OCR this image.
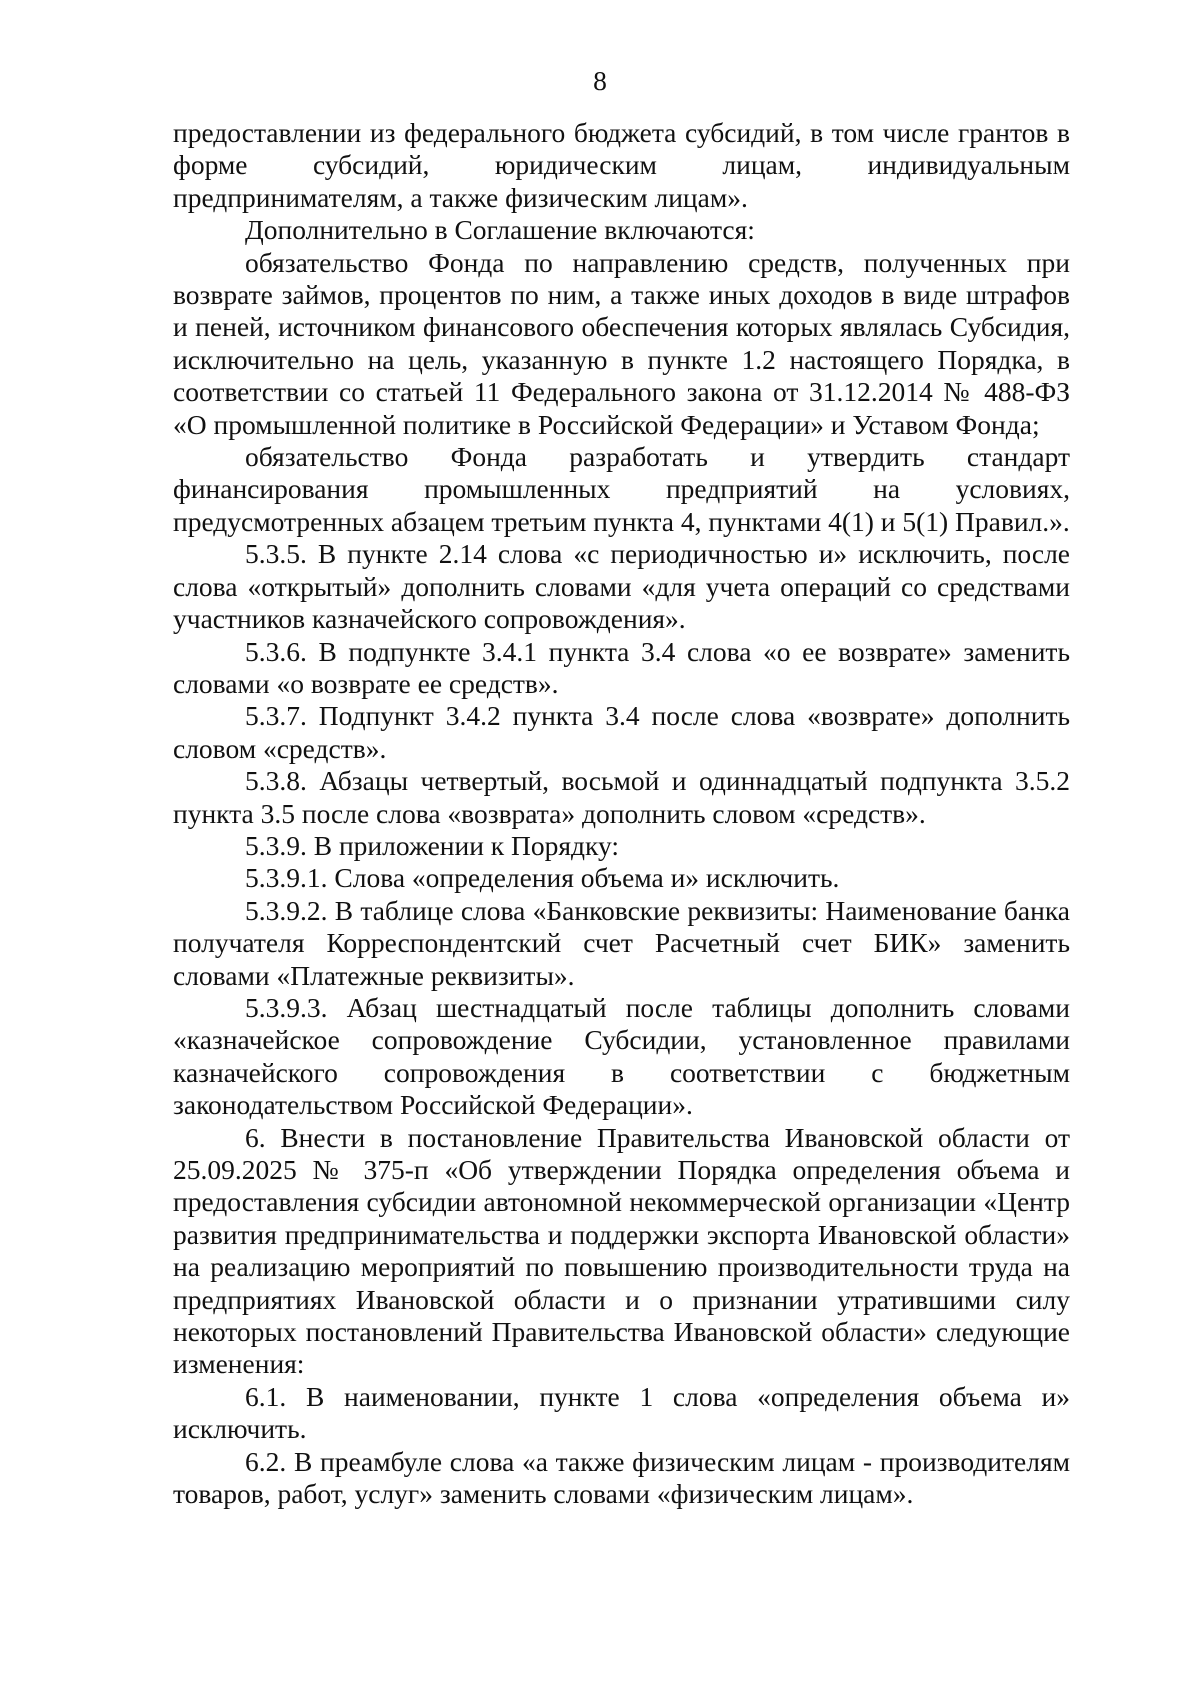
8

предоставлении из федерального бюджета субсидий, в том числе грантов в форме субсидий, юридическим лицам, индивидуальным предпринимателям, а также физическим лицам».

Дополнительно в Соглашение включаются:

обязательство Фонда по направлению средств, полученных при возврате займов, процентов по ним, а также иных доходов в виде штрафов и пеней, источником финансового обеспечения которых являлась Субсидия, исключительно на цель, указанную в пункте 1.2 настоящего Порядка, в соответствии со статьей 11 Федерального закона от 31.12.2014 № 488-ФЗ «О промышленной политике в Российской Федерации» и Уставом Фонда;

обязательство Фонда разработать и утвердить стандарт финансирования промышленных предприятий на условиях, предусмотренных абзацем третьим пункта 4, пунктами 4(1) и 5(1) Правил.».

5.3.5. В пункте 2.14 слова «с периодичностью и» исключить, после слова «открытый» дополнить словами «для учета операций со средствами участников казначейского сопровождения».

5.3.6. В подпункте 3.4.1 пункта 3.4 слова «о ее возврате» заменить словами «о возврате ее средств».

5.3.7. Подпункт 3.4.2 пункта 3.4 после слова «возврате» дополнить словом «средств».

5.3.8. Абзацы четвертый, восьмой и одиннадцатый подпункта 3.5.2 пункта 3.5 после слова «возврата» дополнить словом «средств».

5.3.9. В приложении к Порядку:

5.3.9.1. Слова «определения объема и» исключить.

5.3.9.2. В таблице слова «Банковские реквизиты: Наименование банка получателя Корреспондентский счет Расчетный счет БИК» заменить словами «Платежные реквизиты».

5.3.9.3. Абзац шестнадцатый после таблицы дополнить словами «казначейское сопровождение Субсидии, установленное правилами казначейского сопровождения в соответствии с бюджетным законодательством Российской Федерации».

6. Внести в постановление Правительства Ивановской области от 25.09.2025 № 375-п «Об утверждении Порядка определения объема и предоставления субсидии автономной некоммерческой организации «Центр развития предпринимательства и поддержки экспорта Ивановской области» на реализацию мероприятий по повышению производительности труда на предприятиях Ивановской области и о признании утратившими силу некоторых постановлений Правительства Ивановской области» следующие изменения:

6.1. В наименовании, пункте 1 слова «определения объема и» исключить.

6.2. В преамбуле слова «а также физическим лицам - производителям товаров, работ, услуг» заменить словами «физическим лицам».
